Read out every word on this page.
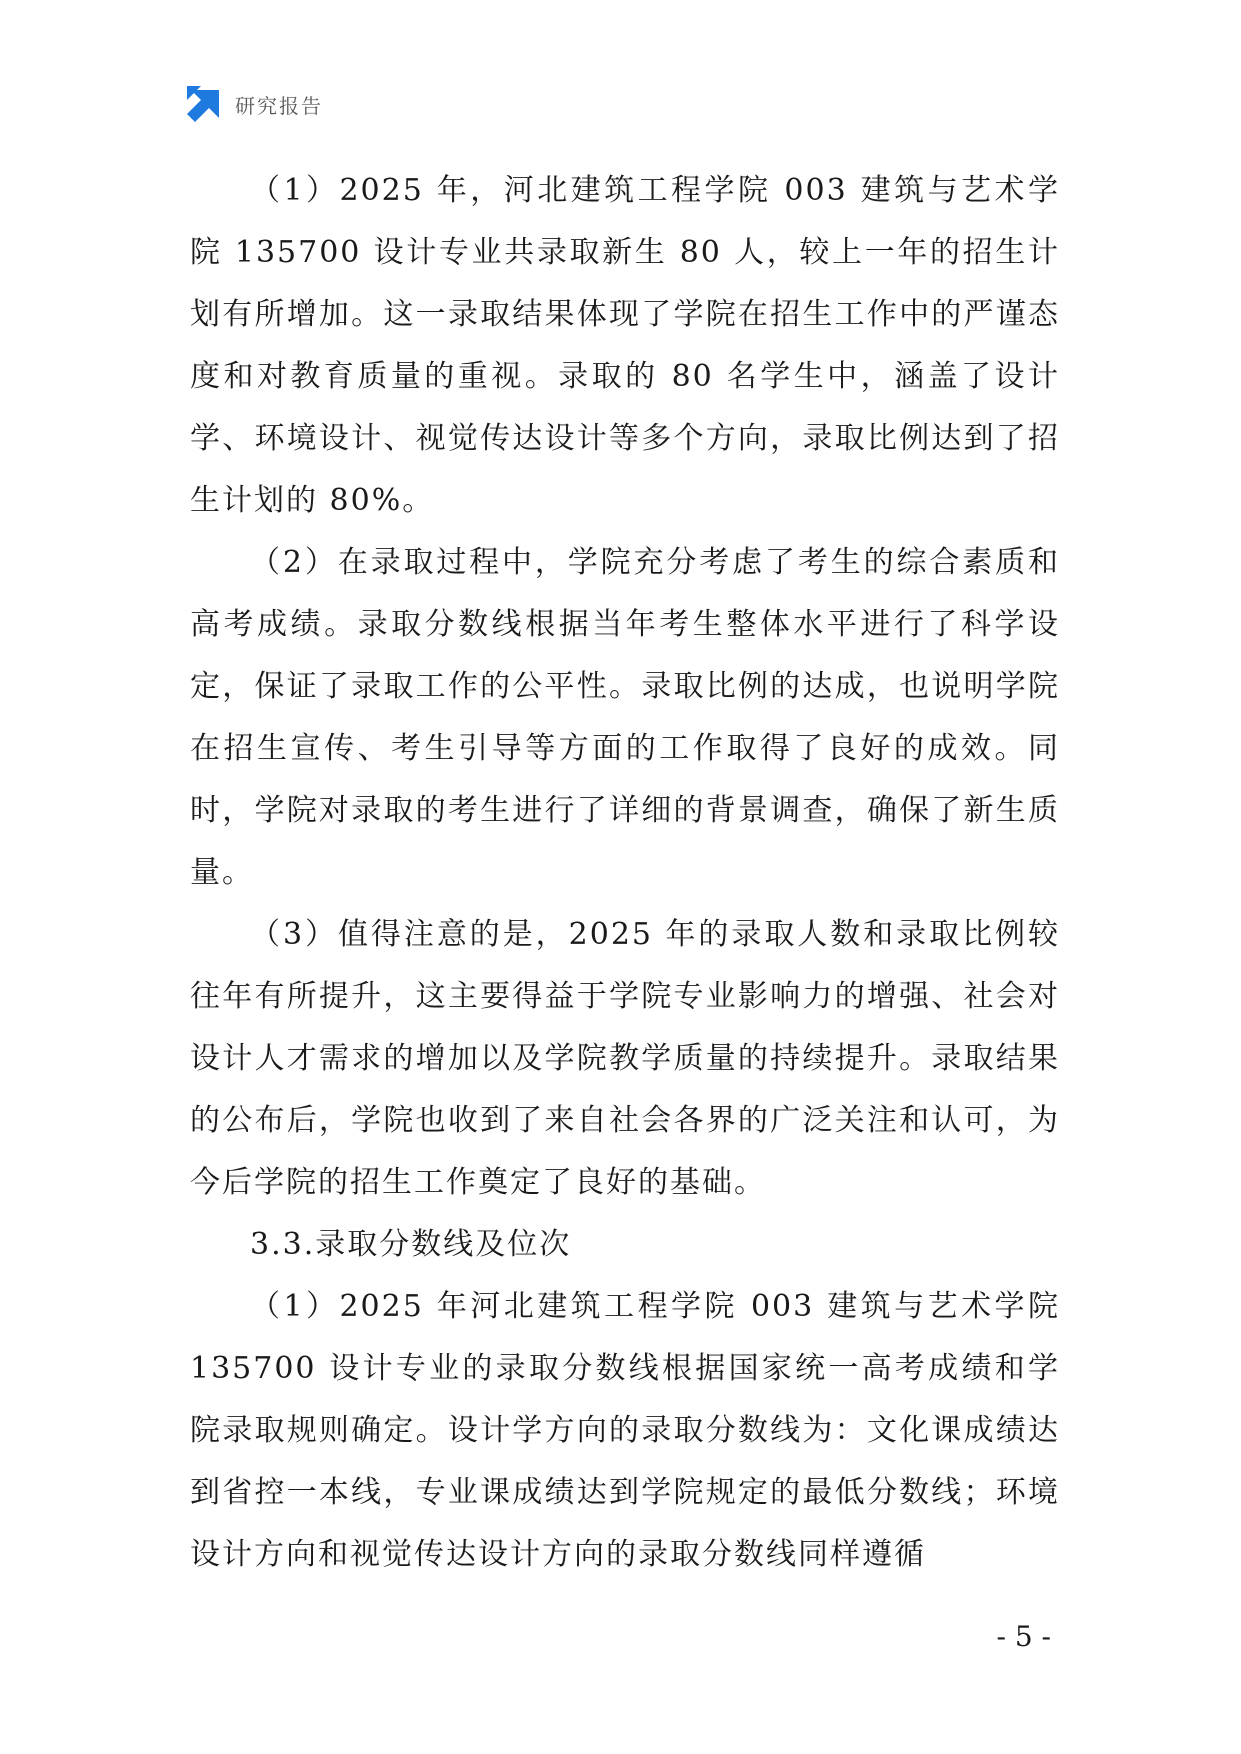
研究报告

（1）2025 年，河北建筑工程学院 003 建筑与艺术学院 135700 设计专业共录取新生 80 人，较上一年的招生计划有所增加。这一录取结果体现了学院在招生工作中的严谨态度和对教育质量的重视。录取的 80 名学生中，涵盖了设计学、环境设计、视觉传达设计等多个方向，录取比例达到了招生计划的 80%。

（2）在录取过程中，学院充分考虑了考生的综合素质和高考成绩。录取分数线根据当年考生整体水平进行了科学设定，保证了录取工作的公平性。录取比例的达成，也说明学院在招生宣传、考生引导等方面的工作取得了良好的成效。同时，学院对录取的考生进行了详细的背景调查，确保了新生质量。

（3）值得注意的是，2025 年的录取人数和录取比例较往年有所提升，这主要得益于学院专业影响力的增强、社会对设计人才需求的增加以及学院教学质量的持续提升。录取结果的公布后，学院也收到了来自社会各界的广泛关注和认可，为今后学院的招生工作奠定了良好的基础。

3.3.录取分数线及位次

（1）2025 年河北建筑工程学院 003 建筑与艺术学院 135700 设计专业的录取分数线根据国家统一高考成绩和学院录取规则确定。设计学方向的录取分数线为：文化课成绩达到省控一本线，专业课成绩达到学院规定的最低分数线；环境设计方向和视觉传达设计方向的录取分数线同样遵循

- 5 -
